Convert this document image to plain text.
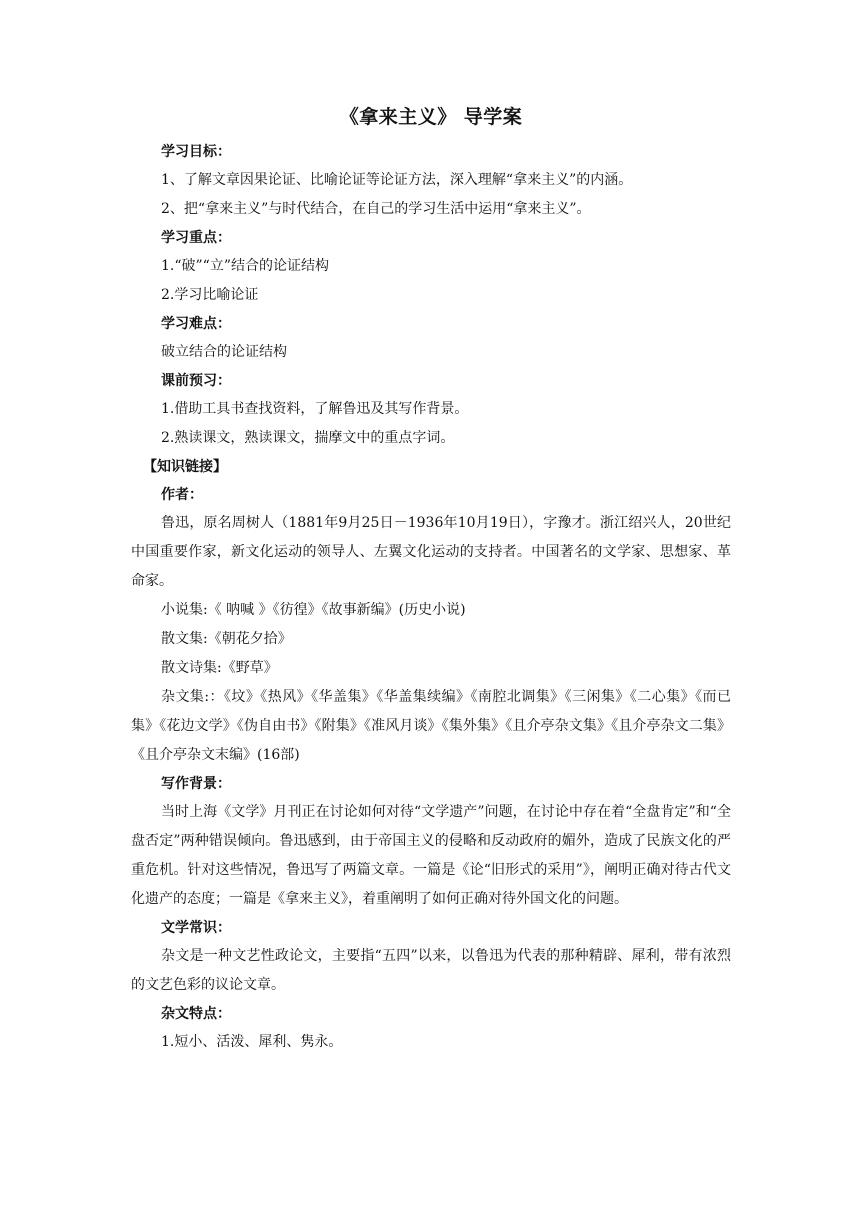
《拿来主义》 导学案
学习目标：
1、了解文章因果论证、比喻论证等论证方法，深入理解“拿来主义”的内涵。
2、把“拿来主义”与时代结合，在自己的学习生活中运用“拿来主义”。
学习重点：
1.“破”“立”结合的论证结构
2.学习比喻论证
学习难点：
破立结合的论证结构
课前预习：
1.借助工具书查找资料，了解鲁迅及其写作背景。
2.熟读课文，熟读课文，揣摩文中的重点字词。
【知识链接】
作者：

鲁迅，原名周树人（1881年9月25日－1936年10月19日），字豫才。浙江绍兴人，20世纪中国重要作家，新文化运动的领导人、左翼文化运动的支持者。中国著名的文学家、思想家、革命家。

小说集:《 呐喊 》《彷徨》《故事新编》(历史小说)

散文集:《朝花夕拾》

散文诗集:《野草》

杂文集:：《坟》《热风》《华盖集》《华盖集续编》《南腔北调集》《三闲集》《二心集》《而已集》《花边文学》《伪自由书》《附集》《准风月谈》《集外集》《且介亭杂文集》《且介亭杂文二集》《且介亭杂文末编》(16部)

写作背景：

当时上海《文学》月刊正在讨论如何对待“文学遗产”问题，在讨论中存在着“全盘肯定”和“全盘否定”两种错误倾向。鲁迅感到，由于帝国主义的侵略和反动政府的媚外，造成了民族文化的严重危机。针对这些情况，鲁迅写了两篇文章。一篇是《论“旧形式的采用”》，阐明正确对待古代文化遗产的态度；一篇是《拿来主义》，着重阐明了如何正确对待外国文化的问题。

文学常识：

杂文是一种文艺性政论文，主要指“五四”以来，以鲁迅为代表的那种精辟、犀利，带有浓烈的文艺色彩的议论文章。

杂文特点：

1.短小、活泼、犀利、隽永。
